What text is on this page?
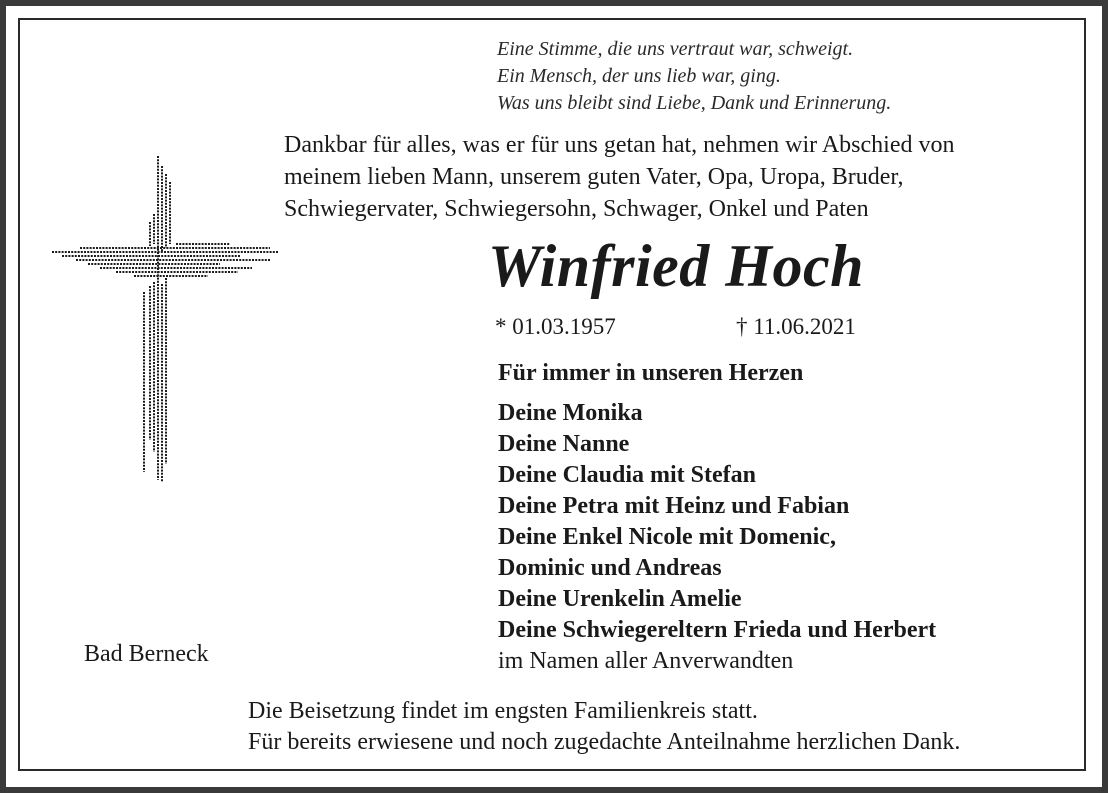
Eine Stimme, die uns vertraut war, schweigt.
Ein Mensch, der uns lieb war, ging.
Was uns bleibt sind Liebe, Dank und Erinnerung.
Dankbar für alles, was er für uns getan hat, nehmen wir Abschied von
meinem lieben Mann, unserem guten Vater, Opa, Uropa, Bruder,
Schwiegervater, Schwiegersohn, Schwager, Onkel und Paten
Winfried Hoch
* 01.03.1957	† 11.06.2021
Für immer in unseren Herzen
Deine Monika
Deine Nanne
Deine Claudia mit Stefan
Deine Petra mit Heinz und Fabian
Deine Enkel Nicole mit Domenic,
Dominic und Andreas
Deine Urenkelin Amelie
Deine Schwiegereltern Frieda und Herbert
im Namen aller Anverwandten
Bad Berneck
Die Beisetzung findet im engsten Familienkreis statt.
Für bereits erwiesene und noch zugedachte Anteilnahme herzlichen Dank.
